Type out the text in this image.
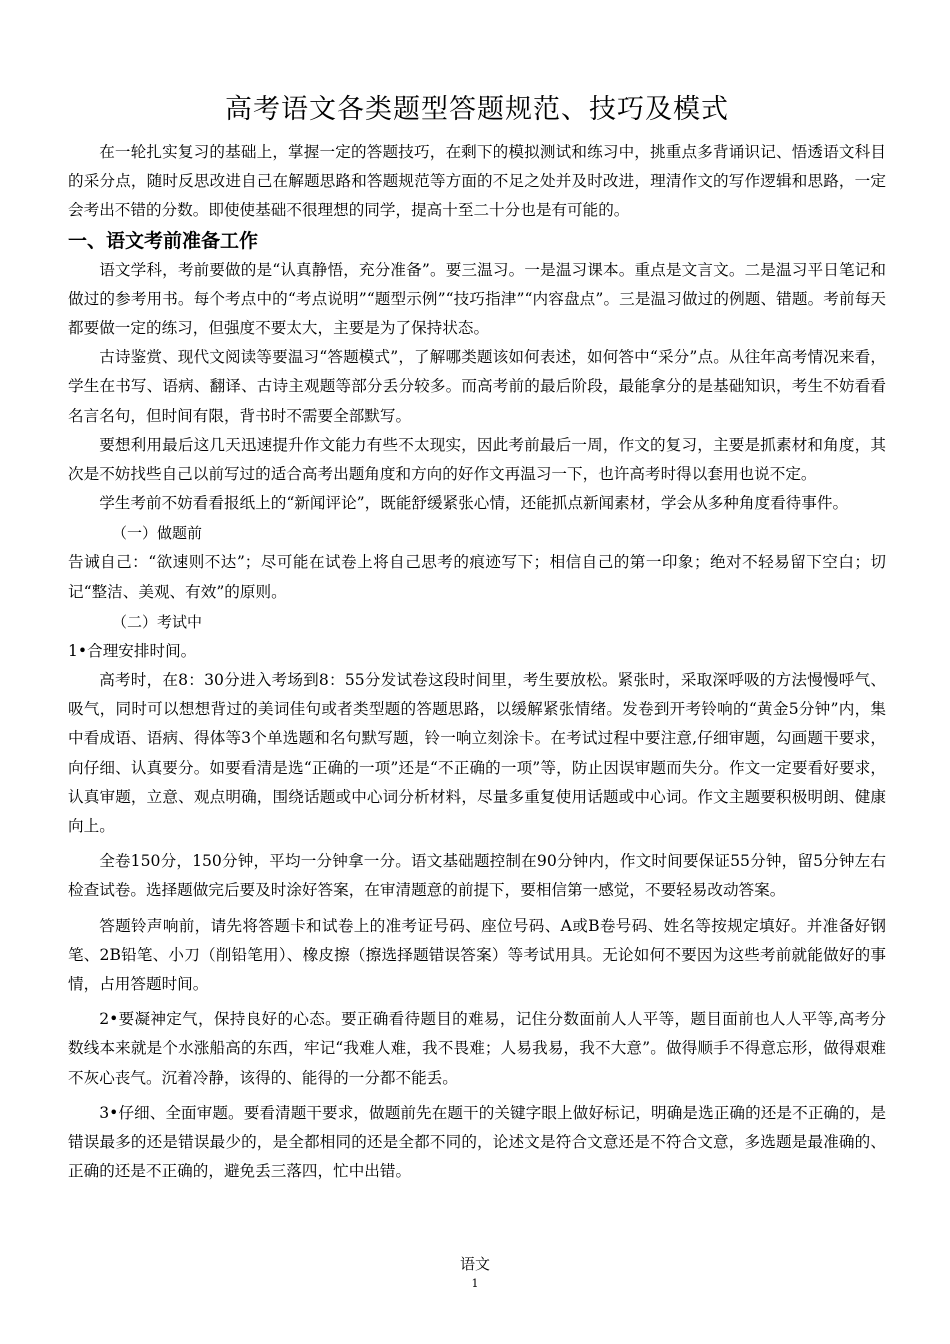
高考语文各类题型答题规范、技巧及模式

在一轮扎实复习的基础上，掌握一定的答题技巧，在剩下的模拟测试和练习中，挑重点多背诵识记、悟透语文科目的采分点，随时反思改进自己在解题思路和答题规范等方面的不足之处并及时改进，理清作文的写作逻辑和思路，一定会考出不错的分数。即使使基础不很理想的同学，提高十至二十分也是有可能的。

一、语文考前准备工作

语文学科，考前要做的是“认真静悟，充分准备”。要三温习。一是温习课本。重点是文言文。二是温习平日笔记和做过的参考用书。每个考点中的“考点说明”“题型示例”“技巧指津”“内容盘点”。三是温习做过的例题、错题。考前每天都要做一定的练习，但强度不要太大，主要是为了保持状态。

古诗鉴赏、现代文阅读等要温习“答题模式”，了解哪类题该如何表述，如何答中“采分”点。从往年高考情况来看，学生在书写、语病、翻译、古诗主观题等部分丢分较多。而高考前的最后阶段，最能拿分的是基础知识，考生不妨看看名言名句，但时间有限，背书时不需要全部默写。

要想利用最后这几天迅速提升作文能力有些不太现实，因此考前最后一周，作文的复习，主要是抓素材和角度，其次是不妨找些自己以前写过的适合高考出题角度和方向的好作文再温习一下，也许高考时得以套用也说不定。

学生考前不妨看看报纸上的“新闻评论”，既能舒缓紧张心情，还能抓点新闻素材，学会从多种角度看待事件。

（一）做题前

告诫自己：“欲速则不达”；尽可能在试卷上将自己思考的痕迹写下；相信自己的第一印象；绝对不轻易留下空白；切记“整洁、美观、有效”的原则。

（二）考试中

1•合理安排时间。

高考时，在8：30分进入考场到8：55分发试卷这段时间里，考生要放松。紧张时，采取深呼吸的方法慢慢呼气、吸气，同时可以想想背过的美词佳句或者类型题的答题思路，以缓解紧张情绪。发卷到开考铃响的“黄金5分钟”内，集中看成语、语病、得体等3个单选题和名句默写题，铃一响立刻涂卡。在考试过程中要注意,仔细审题，勾画题干要求，向仔细、认真要分。如要看清是选“正确的一项”还是“不正确的一项”等，防止因误审题而失分。作文一定要看好要求，认真审题，立意、观点明确，围绕话题或中心词分析材料，尽量多重复使用话题或中心词。作文主题要积极明朗、健康向上。

全卷150分，150分钟，平均一分钟拿一分。语文基础题控制在90分钟内，作文时间要保证55分钟，留5分钟左右检查试卷。选择题做完后要及时涂好答案，在审清题意的前提下，要相信第一感觉，不要轻易改动答案。

答题铃声响前，请先将答题卡和试卷上的准考证号码、座位号码、A或B卷号码、姓名等按规定填好。并准备好钢笔、2B铅笔、小刀（削铅笔用）、橡皮擦（擦选择题错误答案）等考试用具。无论如何不要因为这些考前就能做好的事情，占用答题时间。

2•要凝神定气，保持良好的心态。要正确看待题目的难易，记住分数面前人人平等，题目面前也人人平等,高考分数线本来就是个水涨船高的东西，牢记“我难人难，我不畏难；人易我易，我不大意”。做得顺手不得意忘形，做得艰难不灰心丧气。沉着冷静，该得的、能得的一分都不能丢。

3•仔细、全面审题。要看清题干要求，做题前先在题干的关键字眼上做好标记，明确是选正确的还是不正确的，是错误最多的还是错误最少的，是全都相同的还是全都不同的，论述文是符合文意还是不符合文意，多选题是最准确的、正确的还是不正确的，避免丢三落四，忙中出错。

语文
1
